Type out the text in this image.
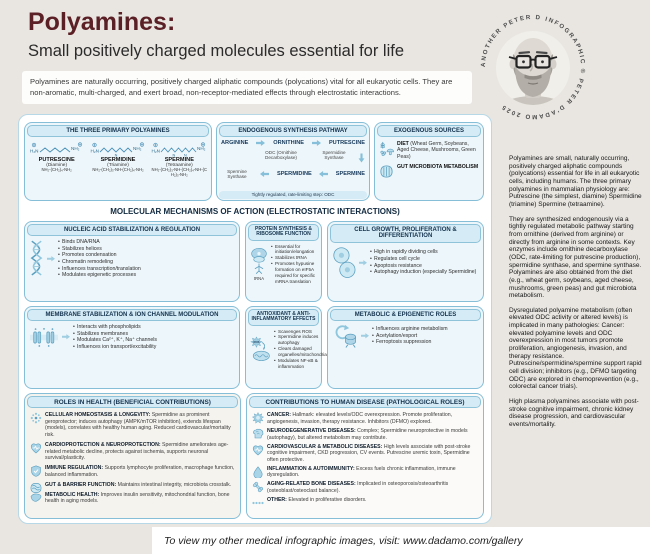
Polyamines:
Small positively charged molecules essential for life
Polyamines are naturally occurring, positively charged aliphatic compounds (polycations) vital for all eukaryotic cells. They are non-aromatic, multi-charged, and exert broad, non-receptor-mediated effects through electrostatic interactions.
ANOTHER PETER D INFOGRAPHIC © PETER D'ADAMO 2025
THE THREE PRIMARY POLYAMINES
H₂N	NH₂
PUTRESCINE
(Diamine)
NH₂-(CH₂)₄-NH₂
H₂N
N
NH₂
SPERMIDINE
(Triamine)
NH₂-(CH₂)₃-NH-(CH₂)₄-NH₂
H₂N
N N
NH₂
SPERMINE
(Tetraamine)
NH₂-(CH₂)₃-NH-(CH₂)₄-NH-(CH₂)₃-NH₂
ENDOGENOUS SYNTHESIS PATHWAY
ARGININE	ORNITHINE	PUTRESCINE
ODC (Ornithine Decarboxylase)
Spermidine Synthase
Spermine Synthase	SPERMIDINE	SPERMINE
Tightly regulated, rate-limiting step: ODC
EXOGENOUS SOURCES
DIET (Wheat Germ, Soybeans, Aged Cheese, Mushrooms, Green Peas)
GUT MICROBIOTA METABOLISM
MOLECULAR MECHANISMS OF ACTION (ELECTROSTATIC INTERACTIONS)
NUCLEIC ACID STABILIZATION & REGULATION
• Binds DNA/RNA
• Stabilizes helices
• Promotes condensation
• Chromatin remodeling
• Influences transcription/translation
• Modulates epigenetic processes
PROTEIN SYNTHESIS & RIBOSOME FUNCTION
tRNA
• Essential for initiation/elongation
• Stabilizes tRNA
• Promotes hypusine formation on eIF5A required for specific mRNA translation
CELL GROWTH, PROLIFERATION & DIFFERENTIATION
• High in rapidly dividing cells
• Regulates cell cycle
• Apoptosis resistance
• Autophagy induction (especially Spermidine)
MEMBRANE STABILIZATION & ION CHANNEL MODULATION
• Interacts with phospholipids
• Stabilizes membranes
• Modulates Ca²⁺, K⁺, Na⁺ channels
• Influences ion transport/excitability
ANTIOXIDANT & ANTI-INFLAMMATORY EFFECTS
ROS
• Scavenges ROS
• Spermidine induces autophagy
• Clears damaged organelles/mitochondria
• Modulates NF-κB & inflammation
METABOLIC & EPIGENETIC ROLES
• Influences arginine metabolism
• Acetylation/export
• Ferroptosis suppression
ROLES IN HEALTH (BENEFICIAL CONTRIBUTIONS)
CELLULAR HOMEOSTASIS & LONGEVITY: Spermidine as prominent geroprotector; induces autophagy (AMPK/mTOR inhibition), extends lifespan (models), correlates with healthy human aging. Reduced cardiovascular/mortality risk.
CARDIOPROTECTION & NEUROPROTECTION: Spermidine ameliorates age-related metabolic decline, protects against ischemia, supports neuronal survival/plasticity.
IMMUNE REGULATION: Supports lymphocyte proliferation, macrophage function, balanced inflammation.
GUT & BARRIER FUNCTION: Maintains intestinal integrity, microbiota crosstalk.
METABOLIC HEALTH: Improves insulin sensitivity, mitochondrial function, bone health in aging models.
CONTRIBUTIONS TO HUMAN DISEASE (PATHOLOGICAL ROLES)
CANCER: Hallmark: elevated levels/ODC overexpression. Promote proliferation, angiogenesis, invasion, therapy resistance. Inhibitors (DFMO) explored.
NEURODEGENERATIVE DISEASES: Complex; Spermidine neuroprotective in models (autophagy), but altered metabolism may contribute.
CARDIOVASCULAR & METABOLIC DISEASES: High levels associate with post-stroke cognitive impairment, CKD progression, CV events. Putrescine uremic toxin, Spermidine often protective.
INFLAMMATION & AUTOIMMUNITY: Excess fuels chronic inflammation, immune dysregulation.
AGING-RELATED BONE DISEASES: Implicated in osteoporosis/osteoarthritis (osteoblast/osteoclast balance).
OTHER: Elevated in proliferative disorders.

Polyamines are small, naturally occurring, positively charged aliphatic compounds (polycations) essential for life in all eukaryotic cells, including humans. The three primary polyamines in mammalian physiology are: Putrescine (the simplest, diamine) Spermidine (triamine) Spermine (tetraamine).

They are synthesized endogenously via a tightly regulated metabolic pathway starting from ornithine (derived from arginine) or directly from arginine in some contexts. Key enzymes include ornithine decarboxylase (ODC, rate-limiting for putrescine production), spermidine synthase, and spermine synthase. Polyamines are also obtained from the diet (e.g., wheat germ, soybeans, aged cheese, mushrooms, green peas) and gut microbiota metabolism.

Dysregulated polyamine metabolism (often elevated ODC activity or altered levels) is implicated in many pathologies: Cancer: elevated polyamine levels and ODC overexpression in most tumors promote proliferation, angiogenesis, invasion, and therapy resistance. Putrescine/spermidine/spermine support rapid cell division; inhibitors (e.g., DFMO targeting ODC) are explored in chemoprevention (e.g., colorectal cancer trials).

High plasma polyamines associate with post-stroke cognitive impairment, chronic kidney disease progression, and cardiovascular events/mortality.

To view my other medical infographic images, visit: www.dadamo.com/gallery
